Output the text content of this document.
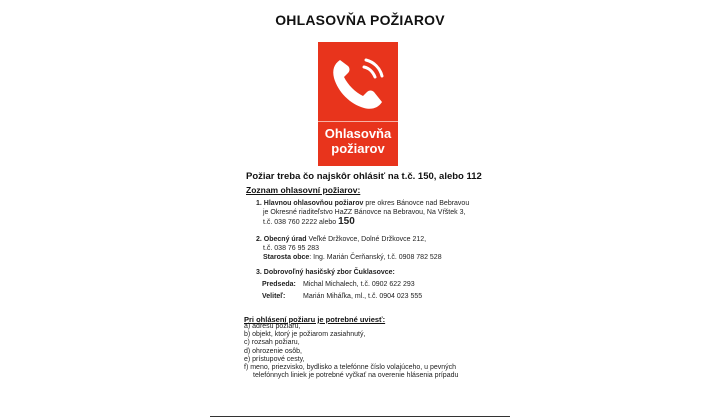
OHLASOVŇA POŽIAROV
Ohlasovňa
požiarov
Požiar treba čo najskôr ohlásiť na t.č. 150, alebo 112
Zoznam ohlasovní požiarov:
1. Hlavnou ohlasovňou požiarov pre okres Bánovce nad Bebravou
je Okresné riaditeľstvo HaZZ Bánovce na Bebravou, Na Vŕštek 3,
t.č. 038 760 2222 alebo 150
2. Obecný úrad Veľké Držkovce, Dolné Držkovce 212,
t.č. 038 76 95 283
Starosta obce: Ing. Marián Čerňanský, t.č. 0908 782 528
3. Dobrovoľný hasičský zbor Čuklasovce:
Predseda: Michal Michalech, t.č. 0902 622 293
Veliteľ:	Marián Miháľka, ml., t.č. 0904 023 555
Pri ohlásení požiaru je potrebné uviesť:
a) adresu požiaru,
b) objekt, ktorý je požiarom zasiahnutý,
c) rozsah požiaru,
d) ohrozenie osôb,
e) prístupové cesty,
f) meno, priezvisko, bydlisko a telefónne číslo volajúceho, u pevných
telefónnych liniek je potrebné vyčkať na overenie hlásenia prípadu
